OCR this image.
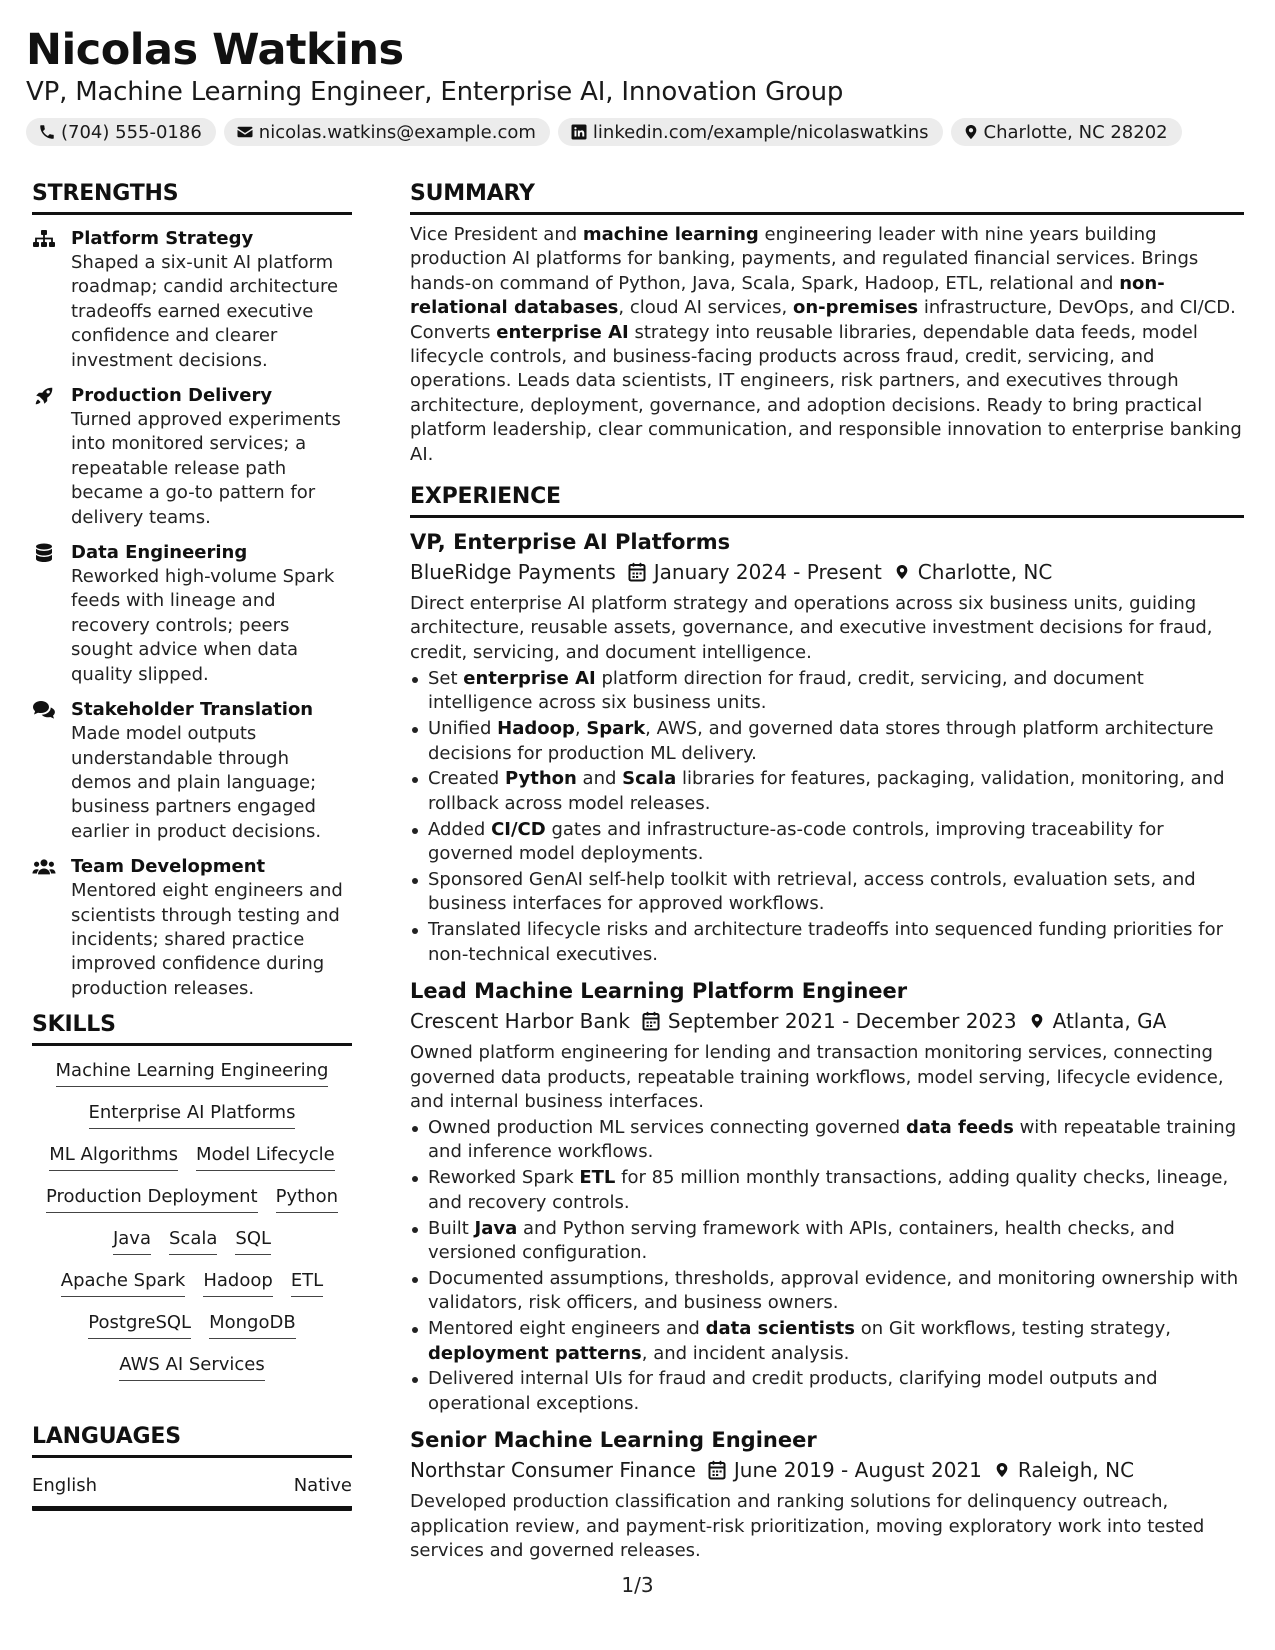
Nicolas Watkins
VP, Machine Learning Engineer, Enterprise AI, Innovation Group
(704) 555-0186	nicolas.watkins@example.com	linkedin.com/example/nicolaswatkins	Charlotte, NC 28202
STRENGTHS
Platform Strategy
Shaped a six-unit AI platform roadmap; candid architecture tradeoffs earned executive confidence and clearer investment decisions.
Production Delivery
Turned approved experiments into monitored services; a repeatable release path became a go-to pattern for delivery teams.
Data Engineering
Reworked high-volume Spark feeds with lineage and recovery controls; peers sought advice when data quality slipped.
Stakeholder Translation
Made model outputs understandable through demos and plain language; business partners engaged earlier in product decisions.
Team Development
Mentored eight engineers and scientists through testing and incidents; shared practice improved confidence during production releases.
SKILLS
Machine Learning Engineering
Enterprise AI Platforms
ML Algorithms Model Lifecycle
Production Deployment Python
Java Scala SQL
Apache Spark Hadoop ETL
PostgreSQL MongoDB
AWS AI Services
LANGUAGES
English	Native
SUMMARY

Vice President and machine learning engineering leader with nine years building production AI platforms for banking, payments, and regulated financial services. Brings hands-on command of Python, Java, Scala, Spark, Hadoop, ETL, relational and non-relational databases, cloud AI services, on-premises infrastructure, DevOps, and CI/CD. Converts enterprise AI strategy into reusable libraries, dependable data feeds, model lifecycle controls, and business-facing products across fraud, credit, servicing, and operations. Leads data scientists, IT engineers, risk partners, and executives through architecture, deployment, governance, and adoption decisions. Ready to bring practical platform leadership, clear communication, and responsible innovation to enterprise banking AI.

EXPERIENCE
VP, Enterprise AI Platforms
BlueRidge Payments January 2024 - Present Charlotte, NC
Direct enterprise AI platform strategy and operations across six business units, guiding architecture, reusable assets, governance, and executive investment decisions for fraud, credit, servicing, and document intelligence.
Set enterprise AI platform direction for fraud, credit, servicing, and document intelligence across six business units.
Unified Hadoop, Spark, AWS, and governed data stores through platform architecture decisions for production ML delivery.
Created Python and Scala libraries for features, packaging, validation, monitoring, and rollback across model releases.
Added CI/CD gates and infrastructure-as-code controls, improving traceability for governed model deployments.
Sponsored GenAI self-help toolkit with retrieval, access controls, evaluation sets, and business interfaces for approved workflows.
Translated lifecycle risks and architecture tradeoffs into sequenced funding priorities for non-technical executives.
Lead Machine Learning Platform Engineer
Crescent Harbor Bank September 2021 - December 2023 Atlanta, GA
Owned platform engineering for lending and transaction monitoring services, connecting governed data products, repeatable training workflows, model serving, lifecycle evidence, and internal business interfaces.
Owned production ML services connecting governed data feeds with repeatable training and inference workflows.
Reworked Spark ETL for 85 million monthly transactions, adding quality checks, lineage, and recovery controls.
Built Java and Python serving framework with APIs, containers, health checks, and versioned configuration.
Documented assumptions, thresholds, approval evidence, and monitoring ownership with validators, risk officers, and business owners.
Mentored eight engineers and data scientists on Git workflows, testing strategy, deployment patterns, and incident analysis.
Delivered internal UIs for fraud and credit products, clarifying model outputs and operational exceptions.
Senior Machine Learning Engineer
Northstar Consumer Finance June 2019 - August 2021 Raleigh, NC
Developed production classification and ranking solutions for delinquency outreach, application review, and payment-risk prioritization, moving exploratory work into tested services and governed releases.
1/3
